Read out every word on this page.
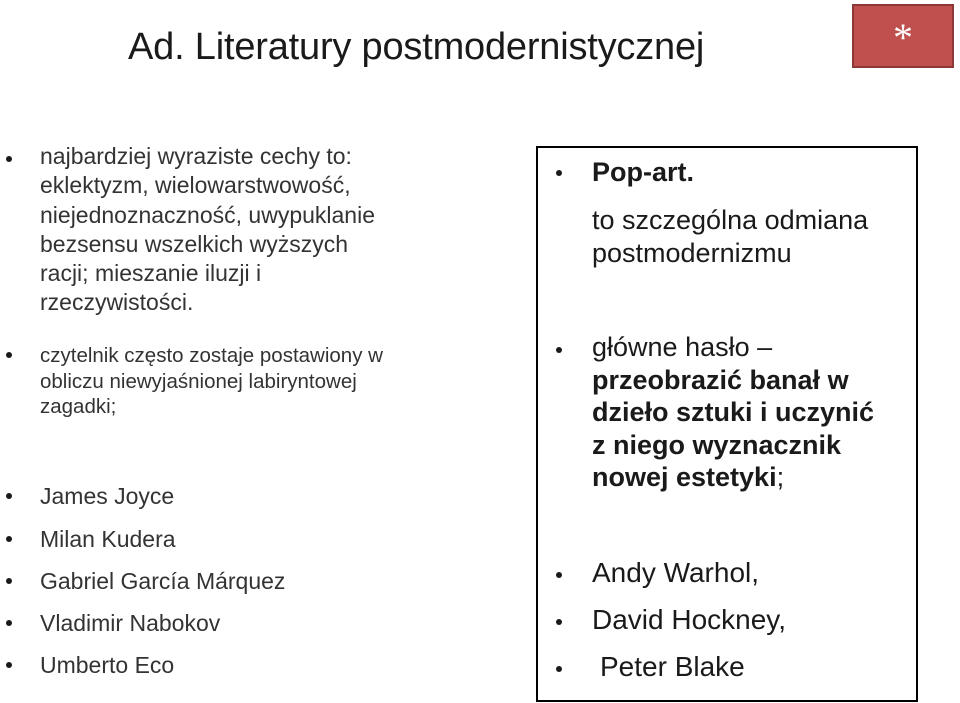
Ad. Literatury postmodernistycznej	*
najbardziej wyraziste cechy to:
eklektyzm, wielowarstwowość,
niejednoznaczność, uwypuklanie
bezsensu wszelkich wyższych
racji; mieszanie iluzji i
rzeczywistości.
czytelnik często zostaje postawiony w
obliczu niewyjaśnionej labiryntowej
zagadki;
James Joyce
Milan Kudera
Gabriel García Márquez
Vladimir Nabokov
Umberto Eco
Pop-art.
to szczególna odmiana
postmodernizmu
główne hasło –
przeobrazić banał w
dzieło sztuki i uczynić
z niego wyznacznik
nowej estetyki;
Andy Warhol,
David Hockney,
Peter Blake
